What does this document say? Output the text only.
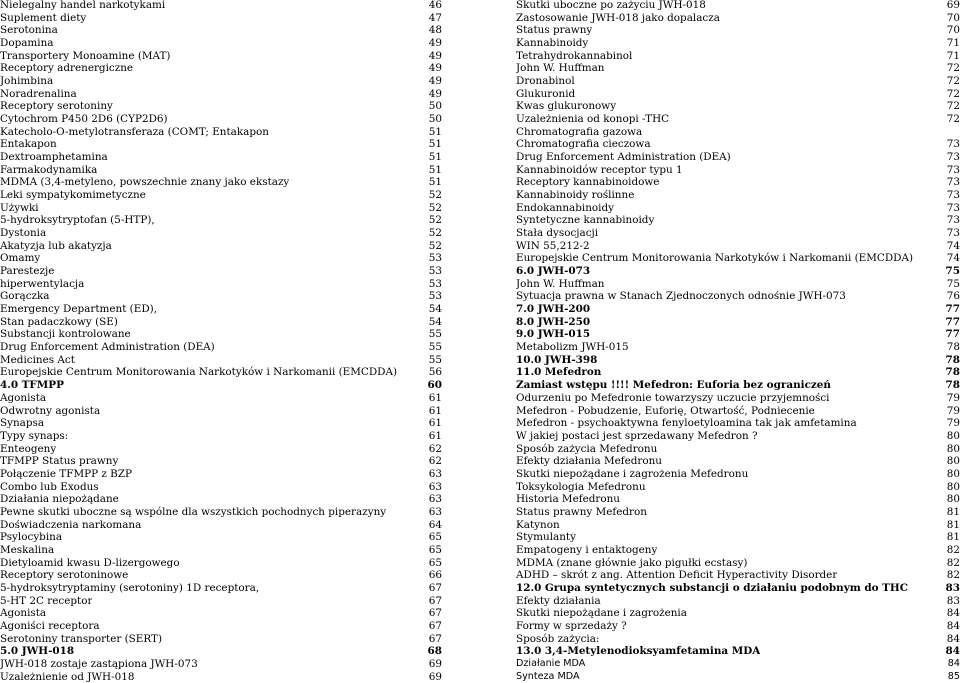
Nielegalny handel narkotykami	46
Suplement diety	47
Serotonina	48
Dopamina	49
Transportery Monoamine (MAT)	49
Receptory adrenergiczne	49
Johimbina	49
Noradrenalina	49
Receptory serotoniny	50
Cytochrom P450 2D6 (CYP2D6)	50
Katecholo-O-metylotransferaza (COMT; Entakapon	51
Entakapon	51
Dextroamphetamina	51
Farmakodynamika	51
MDMA (3,4-metyleno, powszechnie znany jako ekstazy	51
Leki sympatykomimetyczne	52
Używki	52
5-hydroksytryptofan (5-HTP),	52
Dystonia	52
Akatyzja lub akatyzja	52
Omamy	53
Parestezje	53
hiperwentylacja	53
Gorączka	53
Emergency Department (ED),	54
Stan padaczkowy (SE)	54
Substancji kontrolowane	55
Drug Enforcement Administration (DEA)	55
Medicines Act	55
Europejskie Centrum Monitorowania Narkotyków i Narkomanii (EMCDDA)	56
4.0 TFMPP	60
Agonista	61
Odwrotny agonista	61
Synapsa	61
Typy synaps:	61
Enteogeny	62
TFMPP Status prawny	62
Połączenie TFMPP z BZP	63
Combo lub Exodus	63
Działania niepożądane	63
Pewne skutki uboczne są wspólne dla wszystkich pochodnych piperazyny	63
Doświadczenia narkomana	64
Psylocybina	65
Meskalina	65
Dietyloamid kwasu D-lizergowego	65
Receptory serotoninowe	66
5-hydroksytryptaminy (serotoniny) 1D receptora,	67
5-HT 2C receptor	67
Agonista	67
Agoniści receptora	67
Serotoniny transporter (SERT)	67
5.0 JWH-018	68
JWH-018 zostaje zastąpiona JWH-073	69
Uzależnienie od JWH-018	69
Skutki uboczne po zażyciu JWH-018	69
Zastosowanie JWH-018 jako dopalacza	70
Status prawny	70
Kannabinoidy	71
Tetrahydrokannabinol	71
John W. Huffman	72
Dronabinol	72
Glukuronid	72
Kwas glukuronowy	72
Uzależnienia od konopi -THC	72
Chromatografia gazowa
Chromatografia cieczowa	73
Drug Enforcement Administration (DEA)	73
Kannabinoidów receptor typu 1	73
Receptory kannabinoidowe	73
Kannabinoidy roślinne	73
Endokannabinoidy	73
Syntetyczne kannabinoidy	73
Stała dysocjacji	73
WIN 55,212-2	74
Europejskie Centrum Monitorowania Narkotyków i Narkomanii (EMCDDA)	74
6.0 JWH-073	75
John W. Huffman	75
Sytuacja prawna w Stanach Zjednoczonych odnośnie JWH-073	76
7.0 JWH-200	77
8.0 JWH-250	77
9.0 JWH-015	77
Metabolizm JWH-015	78
10.0 JWH-398	78
11.0 Mefedron	78
Zamiast wstępu !!!! Mefedron: Euforia bez ograniczeń	78
Odurzeniu po Mefedronie towarzyszy uczucie przyjemności	79
Mefedron - Pobudzenie, Euforię, Otwartość, Podniecenie	79
Mefedron - psychoaktywna fenyloetyloamina tak jak amfetamina	79
W jakiej postaci jest sprzedawany Mefedron ?	80
Sposób zażycia Mefedronu	80
Efekty działania Mefedronu	80
Skutki niepożądane i zagrożenia Mefedronu	80
Toksykologia Mefedronu	80
Historia Mefedronu	80
Status prawny Mefedron	81
Katynon	81
Stymulanty	81
Empatogeny i entaktogeny	82
MDMA (znane głównie jako pigułki ecstasy)	82
ADHD – skrót z ang. Attention Deficit Hyperactivity Disorder	82
12.0 Grupa syntetycznych substancji o działaniu podobnym do THC	83
Efekty działania	83
Skutki niepożądane i zagrożenia	84
Formy w sprzedaży ?	84
Sposób zażycia:	84
13.0 3,4-Metylenodioksyamfetamina MDA	84
Działanie MDA	84
Synteza MDA	85
